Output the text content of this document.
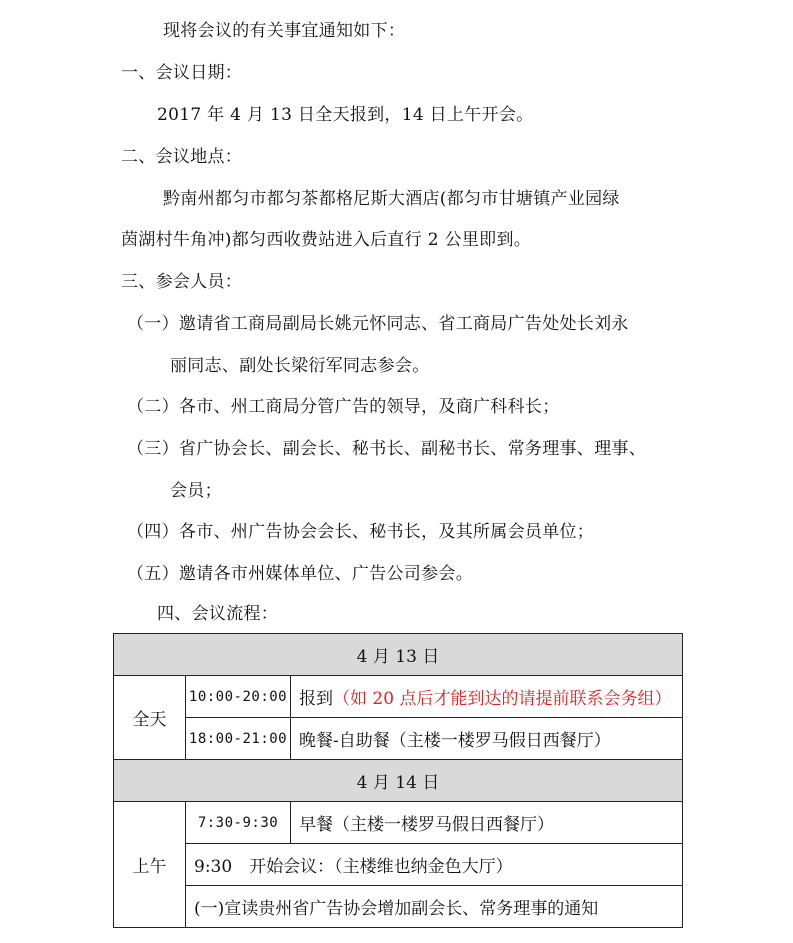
现将会议的有关事宜通知如下：

一、会议日期：

2017 年 4 月 13 日全天报到，14 日上午开会。

二、会议地点：

黔南州都匀市都匀茶都格尼斯大酒店(都匀市甘塘镇产业园绿

茵湖村牛角冲)都匀西收费站进入后直行 2 公里即到。

三、参会人员：

（一）邀请省工商局副局长姚元怀同志、省工商局广告处处长刘永

丽同志、副处长梁衍军同志参会。

（二）各市、州工商局分管广告的领导，及商广科科长；

（三）省广协会长、副会长、秘书长、副秘书长、常务理事、理事、

会员；

（四）各市、州广告协会会长、秘书长，及其所属会员单位；

（五）邀请各市州媒体单位、广告公司参会。

四、会议流程：

4 月 13 日		
全天	10:00-20:00	报到（如 20 点后才能到达的请提前联系会务组）
	18:00-21:00	晚餐-自助餐（主楼一楼罗马假日西餐厅）
4 月 14 日		
上午	7:30-9:30	早餐（主楼一楼罗马假日西餐厅）
	9:30　开始会议：（主楼维也纳金色大厅）	
	(一)宣读贵州省广告协会增加副会长、常务理事的通知	
